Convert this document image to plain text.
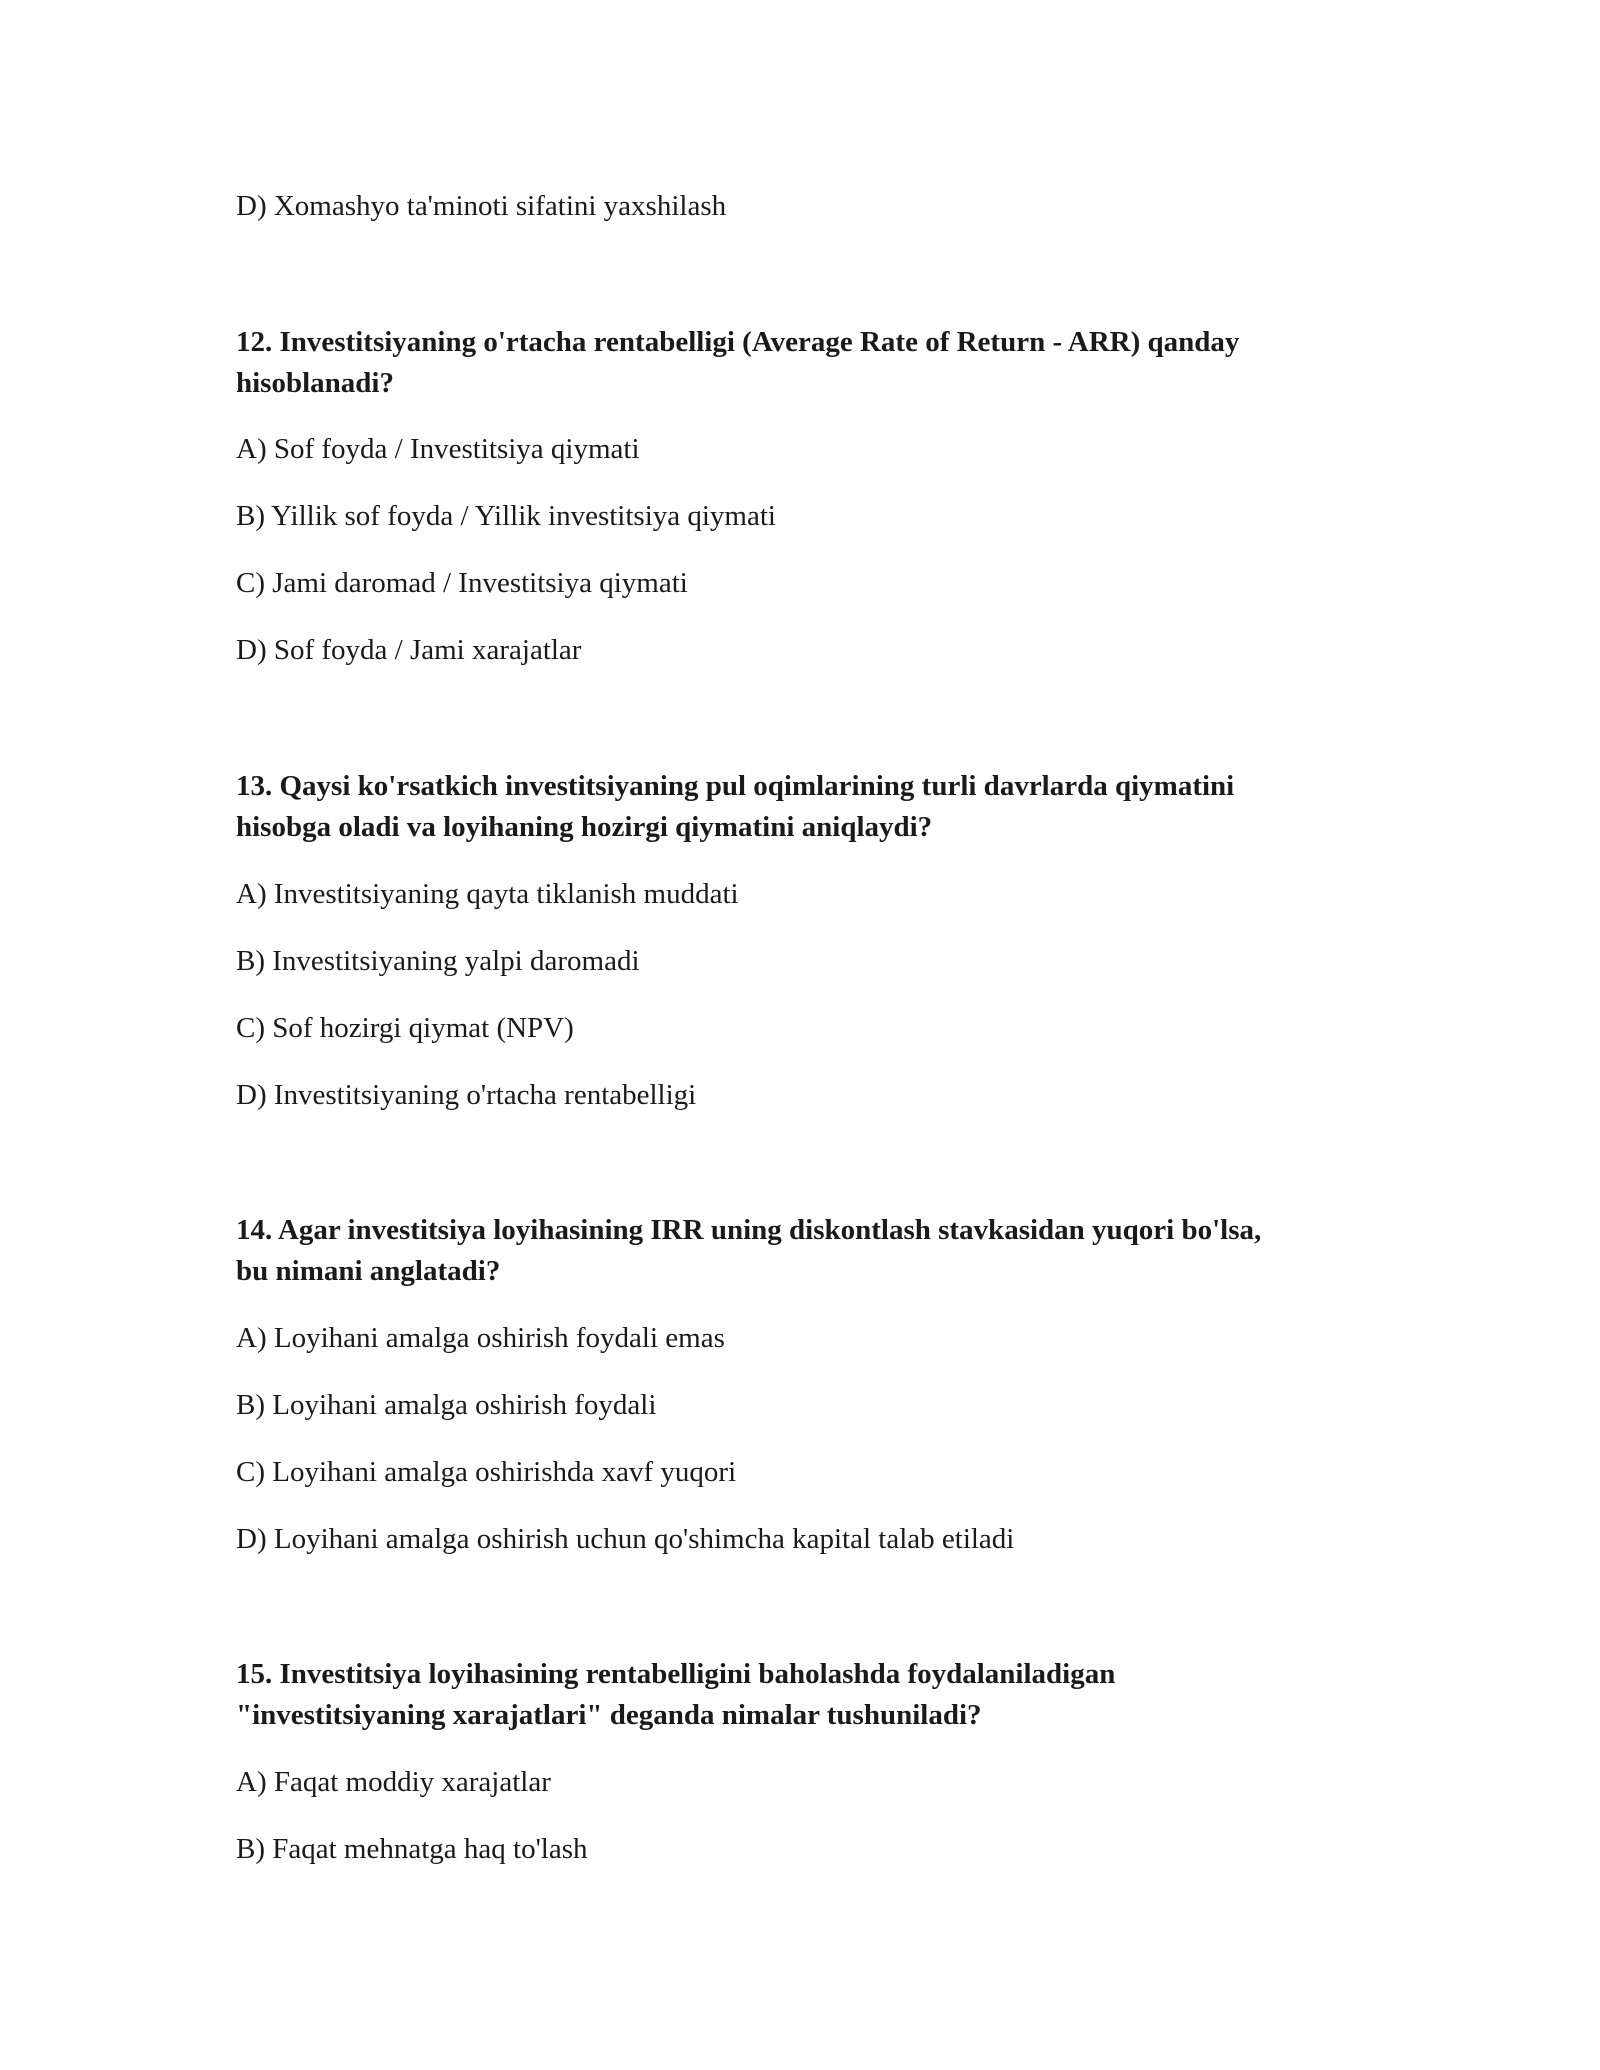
D) Xomashyo ta'minoti sifatini yaxshilash
12. Investitsiyaning o'rtacha rentabelligi (Average Rate of Return - ARR) qanday
hisoblanadi?
A) Sof foyda / Investitsiya qiymati
B) Yillik sof foyda / Yillik investitsiya qiymati
C) Jami daromad / Investitsiya qiymati
D) Sof foyda / Jami xarajatlar
13. Qaysi ko'rsatkich investitsiyaning pul oqimlarining turli davrlarda qiymatini
hisobga oladi va loyihaning hozirgi qiymatini aniqlaydi?
A) Investitsiyaning qayta tiklanish muddati
B) Investitsiyaning yalpi daromadi
C) Sof hozirgi qiymat (NPV)
D) Investitsiyaning o'rtacha rentabelligi
14. Agar investitsiya loyihasining IRR uning diskontlash stavkasidan yuqori bo'lsa,
bu nimani anglatadi?
A) Loyihani amalga oshirish foydali emas
B) Loyihani amalga oshirish foydali
C) Loyihani amalga oshirishda xavf yuqori
D) Loyihani amalga oshirish uchun qo'shimcha kapital talab etiladi
15. Investitsiya loyihasining rentabelligini baholashda foydalaniladigan
"investitsiyaning xarajatlari" deganda nimalar tushuniladi?
A) Faqat moddiy xarajatlar
B) Faqat mehnatga haq to'lash
